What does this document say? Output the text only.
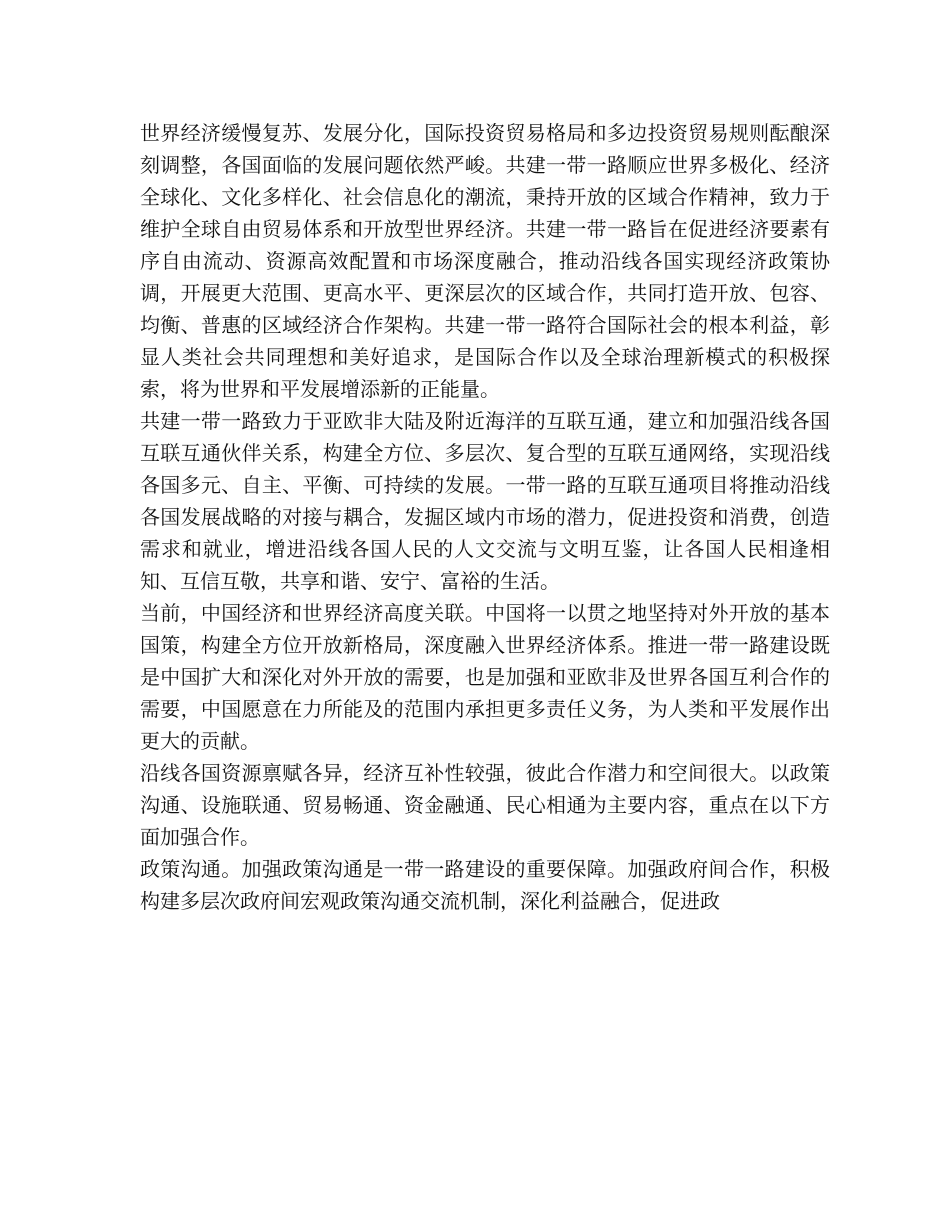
世界经济缓慢复苏、发展分化，国际投资贸易格局和多边投资贸易规则酝酿深刻调整，各国面临的发展问题依然严峻。共建一带一路顺应世界多极化、经济全球化、文化多样化、社会信息化的潮流，秉持开放的区域合作精神，致力于维护全球自由贸易体系和开放型世界经济。共建一带一路旨在促进经济要素有序自由流动、资源高效配置和市场深度融合，推动沿线各国实现经济政策协调，开展更大范围、更高水平、更深层次的区域合作，共同打造开放、包容、均衡、普惠的区域经济合作架构。共建一带一路符合国际社会的根本利益，彰显人类社会共同理想和美好追求，是国际合作以及全球治理新模式的积极探索，将为世界和平发展增添新的正能量。

共建一带一路致力于亚欧非大陆及附近海洋的互联互通，建立和加强沿线各国互联互通伙伴关系，构建全方位、多层次、复合型的互联互通网络，实现沿线各国多元、自主、平衡、可持续的发展。一带一路的互联互通项目将推动沿线各国发展战略的对接与耦合，发掘区域内市场的潜力，促进投资和消费，创造需求和就业，增进沿线各国人民的人文交流与文明互鉴，让各国人民相逢相知、互信互敬，共享和谐、安宁、富裕的生活。

当前，中国经济和世界经济高度关联。中国将一以贯之地坚持对外开放的基本国策，构建全方位开放新格局，深度融入世界经济体系。推进一带一路建设既是中国扩大和深化对外开放的需要，也是加强和亚欧非及世界各国互利合作的需要，中国愿意在力所能及的范围内承担更多责任义务，为人类和平发展作出更大的贡献。

沿线各国资源禀赋各异，经济互补性较强，彼此合作潜力和空间很大。以政策沟通、设施联通、贸易畅通、资金融通、民心相通为主要内容，重点在以下方面加强合作。

政策沟通。加强政策沟通是一带一路建设的重要保障。加强政府间合作，积极构建多层次政府间宏观政策沟通交流机制，深化利益融合，促进政
